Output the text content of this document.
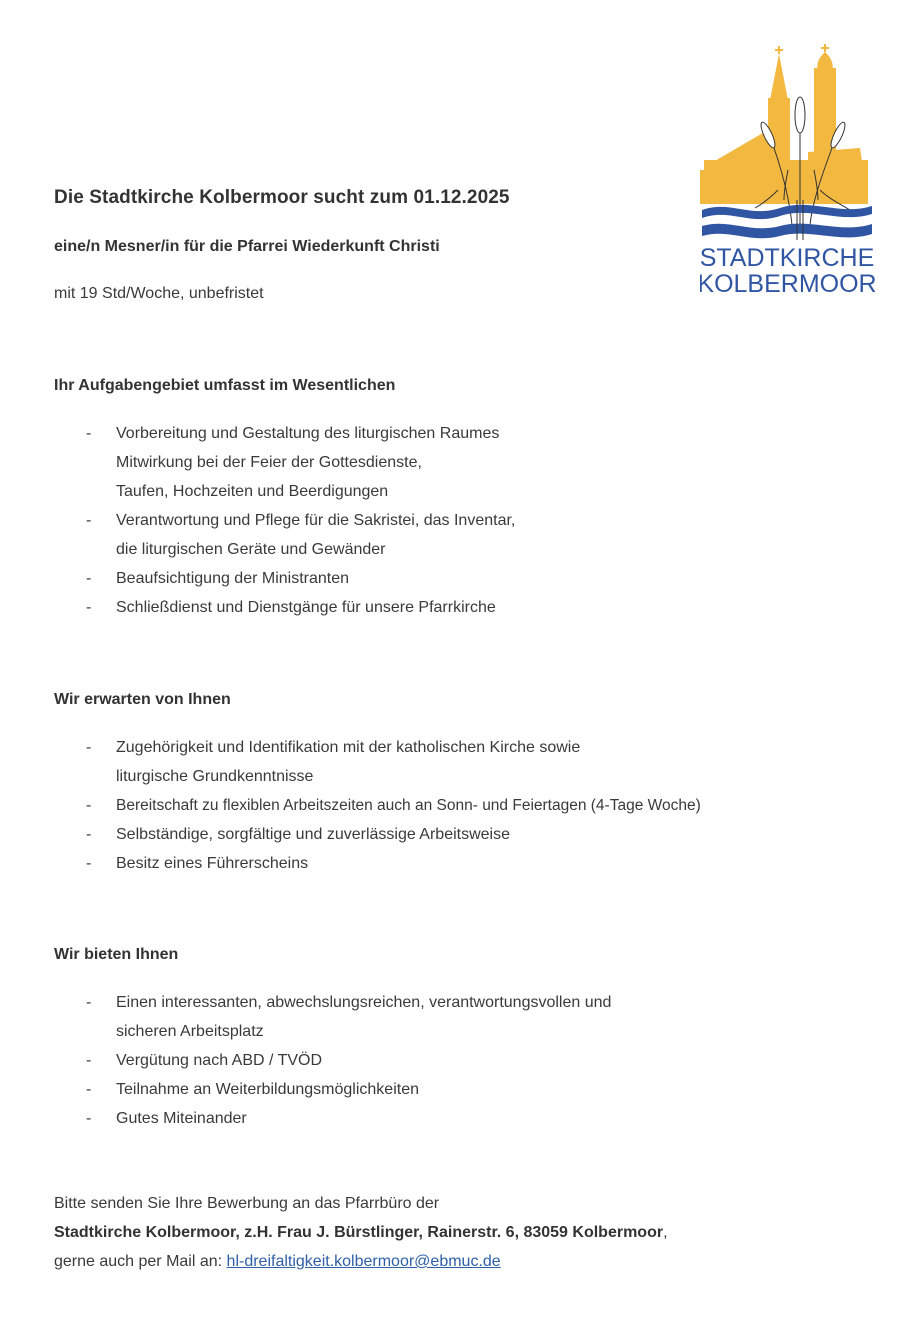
STADTKIRCHE
KOLBERMOOR
Die Stadtkirche Kolbermoor sucht zum 01.12.2025
eine/n Mesner/in für die Pfarrei Wiederkunft Christi
mit 19 Std/Woche, unbefristet
Ihr Aufgabengebiet umfasst im Wesentlichen
- Vorbereitung und Gestaltung des liturgischen Raumes

Mitwirkung bei der Feier der Gottesdienste,

Taufen, Hochzeiten und Beerdigungen

- Verantwortung und Pflege für die Sakristei, das Inventar,

die liturgischen Geräte und Gewänder

- Beaufsichtigung der Ministranten

- Schließdienst und Dienstgänge für unsere Pfarrkirche

Wir erwarten von Ihnen
- Zugehörigkeit und Identifikation mit der katholischen Kirche sowie

liturgische Grundkenntnisse

- Bereitschaft zu flexiblen Arbeitszeiten auch an Sonn- und Feiertagen (4-Tage Woche)

- Selbständige, sorgfältige und zuverlässige Arbeitsweise

- Besitz eines Führerscheins

Wir bieten Ihnen
- Einen interessanten, abwechslungsreichen, verantwortungsvollen und

sicheren Arbeitsplatz

- Vergütung nach ABD / TVÖD

- Teilnahme an Weiterbildungsmöglichkeiten

- Gutes Miteinander

Bitte senden Sie Ihre Bewerbung an das Pfarrbüro der
Stadtkirche Kolbermoor, z.H. Frau J. Bürstlinger, Rainerstr. 6, 83059 Kolbermoor,
gerne auch per Mail an: hl-dreifaltigkeit.kolbermoor@ebmuc.de
